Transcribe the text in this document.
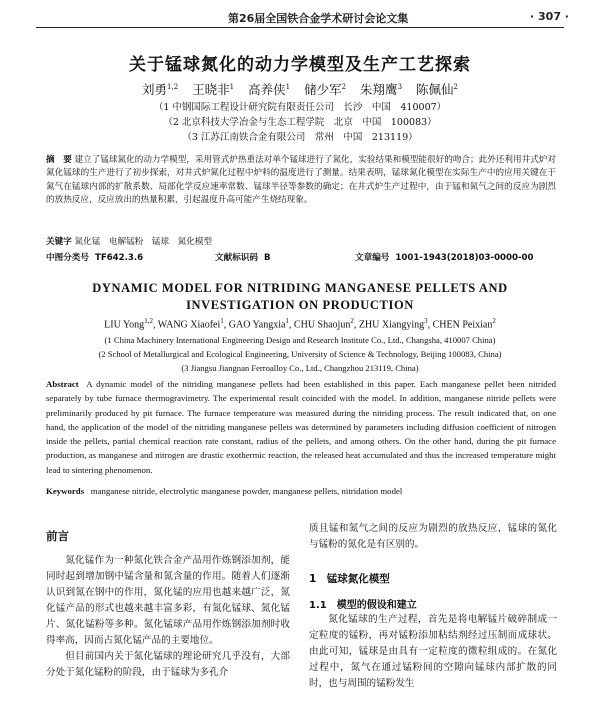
第26届全国铁合金学术研讨会论文集	· 307 ·
关于锰球氮化的动力学模型及生产工艺探索
刘勇$^{1,2}$ 王晓非$^1$ 高养侠$^1$ 储少军$^2$ 朱翔鹰$^3$ 陈佩仙$^2$
（1 中钢国际工程设计研究院有限责任公司　长沙　中国　410007）
（2 北京科技大学冶金与生态工程学院　北京　中国　100083）
（3 江苏江南铁合金有限公司　常州　中国　213119）
摘　要 建立了锰球氮化的动力学模型，采用管式炉热重法对单个锰球进行了氮化，实验结果和模型能很好的吻合；此外还利用井式炉对氮化锰球的生产进行了初步探索，对井式炉氮化过程中炉料的温度进行了测量。结果表明，锰球氮化模型在实际生产中的应用关键在于氮气在锰球内部的扩散系数、局部化学反应速率常数、锰球半径等参数的确定；在井式炉生产过程中，由于锰和氮气之间的反应为剧烈的放热反应，反应放出的热量积累，引起温度升高可能产生烧结现象。
关键字 氮化锰　电解锰粉　锰球　氮化模型
中图分类号 TF642.3.6	文献标识码 B	文章编号 1001-1943(2018)03-0000-00
DYNAMIC MODEL FOR NITRIDING MANGANESE PELLETS AND
INVESTIGATION ON PRODUCTION
LIU Yong$^{1,2}$, WANG Xiaofei$^1$, GAO Yangxia$^1$, CHU Shaojun$^2$, ZHU Xiangying$^3$, CHEN Peixian$^2$
(1 China Machinery International Engineering Design and Research Institute Co., Ltd., Changsha, 410007 China)
(2 School of Metallurgical and Ecological Engineering, University of Science & Technology, Beijing 100083, China)
(3 Jiangsu Jiangnan Ferroalloy Co., Ltd., Changzhou 213119, China)
Abstract A dynamic model of the nitriding manganese pellets had been established in this paper. Each manganese pellet been nitrided separately by tube furnace thermogravimetry. The experimental result coincided with the model. In addition, manganese nitride pellets were preliminarily produced by pit furnace. The furnace temperature was measured during the nitriding process. The result indicated that, on one hand, the application of the model of the nitriding manganese pellets was determined by parameters including diffusion coefficient of nitrogen inside the pellets, partial chemical reaction rate constant, radius of the pellets, and among others. On the other hand, during the pit furnace production, as manganese and nitrogen are drastic exothermic reaction, the released heat accumulated and thus the increased temperature might lead to sintering phenomenon.
Keywords manganese nitride, electrolytic manganese powder, manganese pellets, nitridation model
前言

氮化锰作为一种氮化铁合金产品用作炼钢添加剂，能同时起到增加钢中锰含量和氮含量的作用。随着人们逐渐认识到氮在钢中的作用，氮化锰的应用也越来越广泛，氮化锰产品的形式也越来越丰富多彩，有氮化锰球、氮化锰片、氮化锰粉等多种。氮化锰球产品用作炼钢添加剂时收得率高，因而占氮化锰产品的主要地位。

但目前国内关于氮化锰球的理论研究几乎没有，大部分处于氮化锰粉的阶段，由于锰球为多孔介

质且锰和氮气之间的反应为剧烈的放热反应，锰球的氮化与锰粉的氮化是有区别的。

1　锰球氮化模型
1.1　模型的假设和建立

氮化锰球的生产过程，首先是将电解锰片破碎制成一定粒度的锰粉，再对锰粉添加粘结剂经过压制而成球状。由此可知，锰球是由具有一定粒度的微粒组成的。在氮化过程中，氮气在通过锰粉间的空隙向锰球内部扩散的同时，也与周围的锰粉发生
